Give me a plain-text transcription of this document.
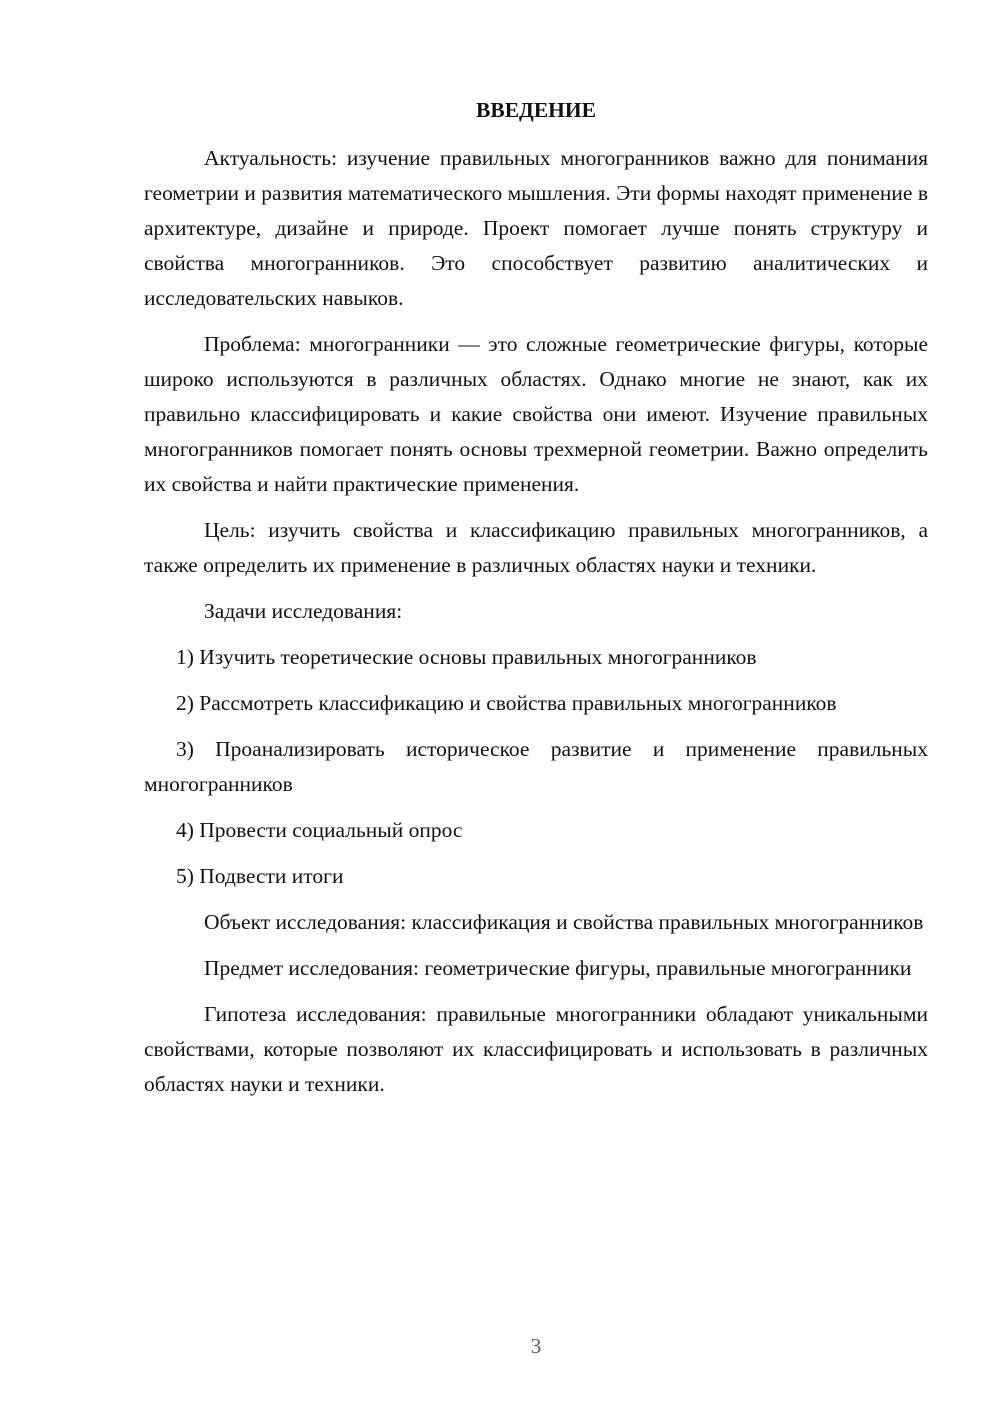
ВВЕДЕНИЕ

Актуальность: изучение правильных многогранников важно для понимания геометрии и развития математического мышления. Эти формы находят применение в архитектуре, дизайне и природе. Проект помогает лучше понять структуру и свойства многогранников. Это способствует развитию аналитических и исследовательских навыков.

Проблема: многогранники — это сложные геометрические фигуры, которые широко используются в различных областях. Однако многие не знают, как их правильно классифицировать и какие свойства они имеют. Изучение правильных многогранников помогает понять основы трехмерной геометрии. Важно определить их свойства и найти практические применения.

Цель: изучить свойства и классификацию правильных многогранников, а также определить их применение в различных областях науки и техники.

Задачи исследования:

1) Изучить теоретические основы правильных многогранников

2) Рассмотреть классификацию и свойства правильных многогранников

3) Проанализировать историческое развитие и применение правильных многогранников

4) Провести социальный опрос

5) Подвести итоги

Объект исследования: классификация и свойства правильных многогранников

Предмет исследования: геометрические фигуры, правильные многогранники

Гипотеза исследования: правильные многогранники обладают уникальными свойствами, которые позволяют их классифицировать и использовать в различных областях науки и техники.

3
